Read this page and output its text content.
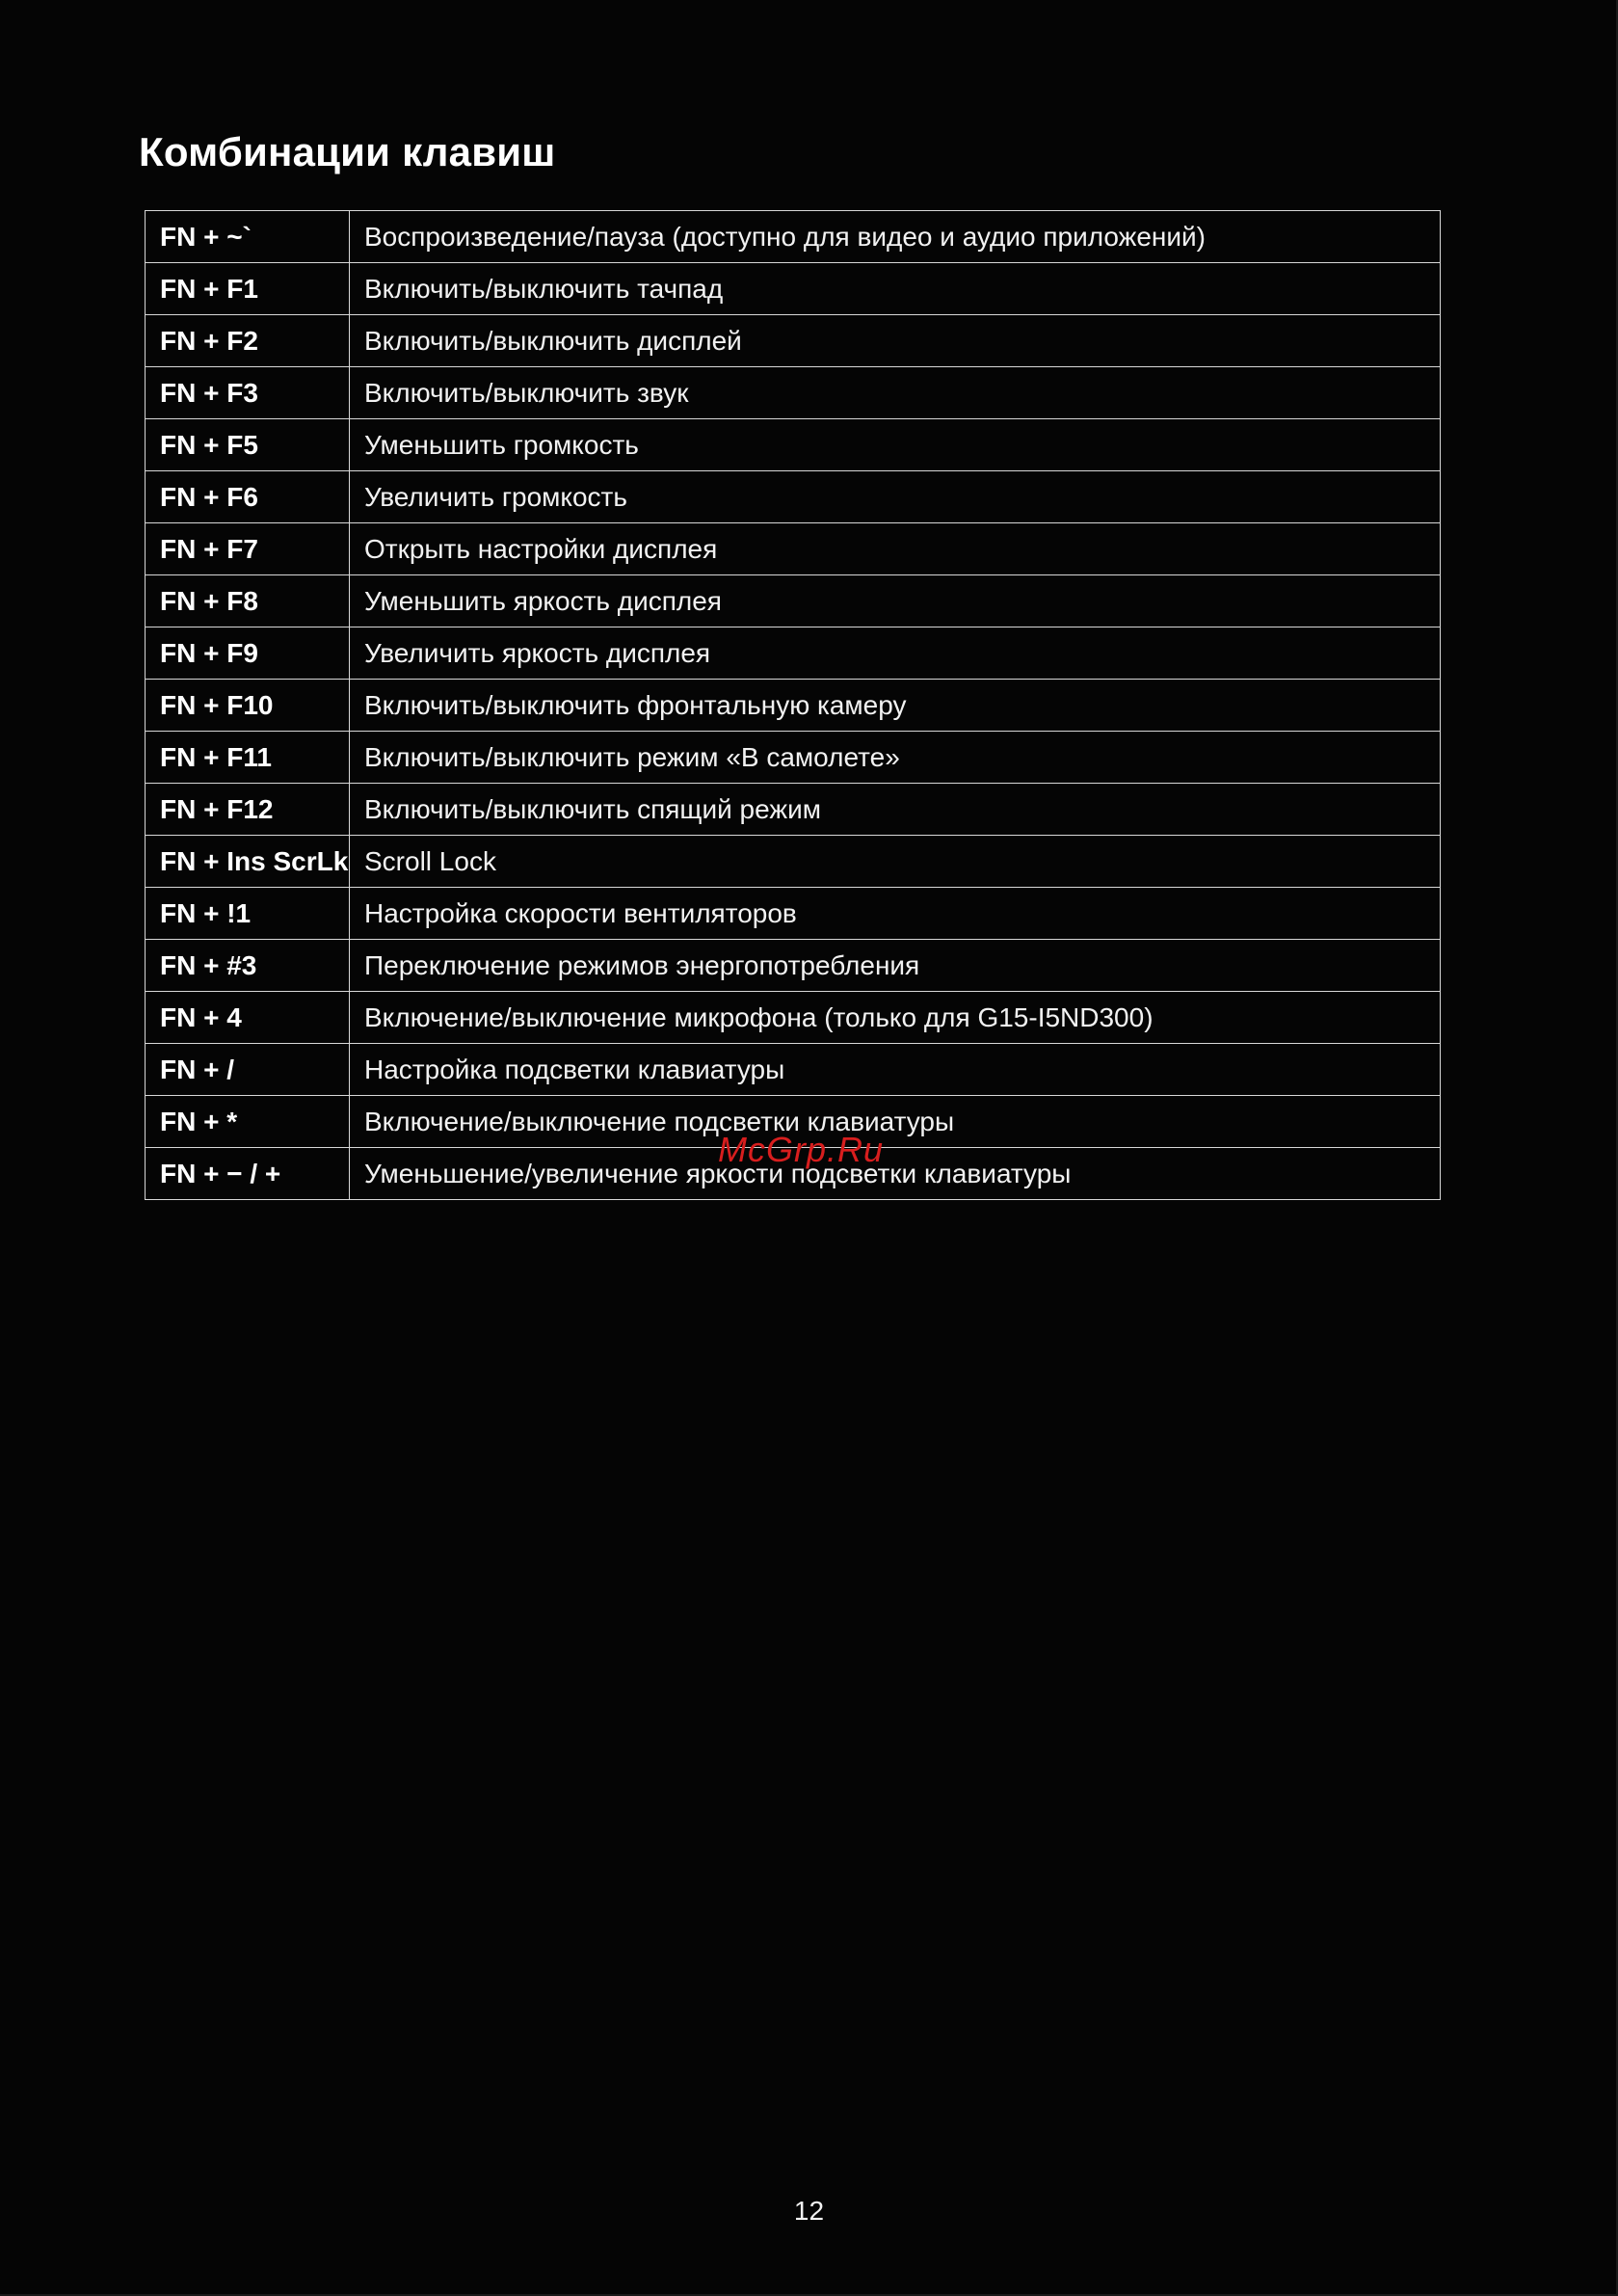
Комбинации клавиш
FN + ~`	Воспроизведение/пауза (доступно для видео и аудио приложений)
FN + F1	Включить/выключить тачпад
FN + F2	Включить/выключить дисплей
FN + F3	Включить/выключить звук
FN + F5	Уменьшить громкость
FN + F6	Увеличить громкость
FN + F7	Открыть настройки дисплея
FN + F8	Уменьшить яркость дисплея
FN + F9	Увеличить яркость дисплея
FN + F10	Включить/выключить фронтальную камеру
FN + F11	Включить/выключить режим «В самолете»
FN + F12	Включить/выключить спящий режим
FN + Ins ScrLk	Scroll Lock
FN + !1	Настройка скорости вентиляторов
FN + #3	Переключение режимов энергопотребления
FN + 4	Включение/выключение микрофона (только для G15-I5ND300)
FN + /	Настройка подсветки клавиатуры
FN + *	Включение/выключение подсветки клавиатуры
FN + − / +	Уменьшение/увеличение яркости подсветки клавиатуры
McGrp.Ru
12
